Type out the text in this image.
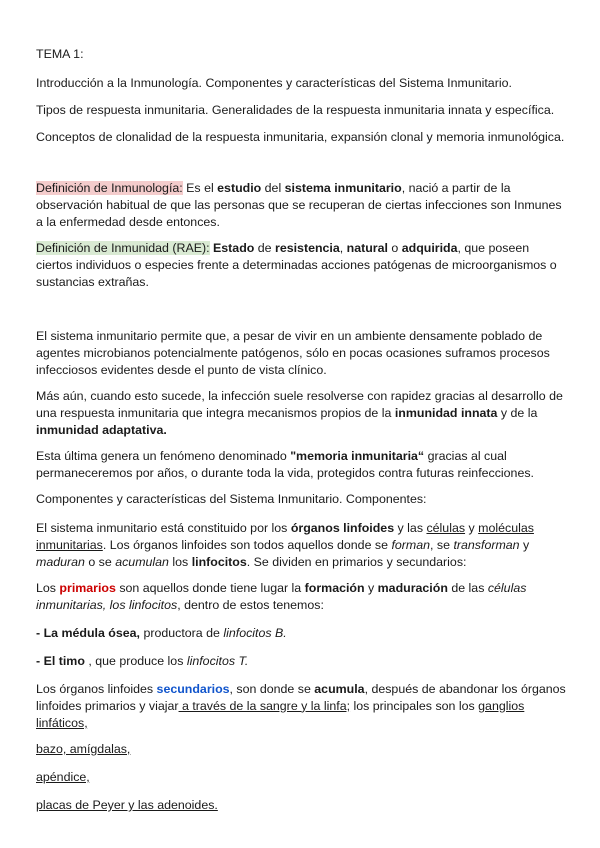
TEMA 1:

Introducción a la Inmunología. Componentes y características del Sistema Inmunitario.

Tipos de respuesta inmunitaria. Generalidades de la respuesta inmunitaria innata y específica.

Conceptos de clonalidad de la respuesta inmunitaria, expansión clonal y memoria inmunológica.

Definición de Inmunología: Es el estudio del sistema inmunitario, nació a partir de la observación habitual de que las personas que se recuperan de ciertas infecciones son Inmunes a la enfermedad desde entonces.

Definición de Inmunidad (RAE): Estado de resistencia, natural o adquirida, que poseen ciertos individuos o especies frente a determinadas acciones patógenas de microorganismos o sustancias extrañas.

El sistema inmunitario permite que, a pesar de vivir en un ambiente densamente poblado de agentes microbianos potencialmente patógenos, sólo en pocas ocasiones suframos procesos infecciosos evidentes desde el punto de vista clínico.

Más aún, cuando esto sucede, la infección suele resolverse con rapidez gracias al desarrollo de una respuesta inmunitaria que integra mecanismos propios de la inmunidad innata y de la inmunidad adaptativa.

Esta última genera un fenómeno denominado "memoria inmunitaria“ gracias al cual permaneceremos por años, o durante toda la vida, protegidos contra futuras reinfecciones.

Componentes y características del Sistema Inmunitario. Componentes:

El sistema inmunitario está constituido por los órganos linfoides y las células y moléculas inmunitarias. Los órganos linfoides son todos aquellos donde se forman, se transforman y maduran o se acumulan los linfocitos. Se dividen en primarios y secundarios:

Los primarios son aquellos donde tiene lugar la formación y maduración de las células inmunitarias, los linfocitos, dentro de estos tenemos:

- La médula ósea, productora de linfocitos B.

- El timo , que produce los linfocitos T.

Los órganos linfoides secundarios, son donde se acumula, después de abandonar los órganos linfoides primarios y viajar a través de la sangre y la linfa; los principales son los ganglios linfáticos,

bazo, amígdalas,

apéndice,

placas de Peyer y las adenoides.
